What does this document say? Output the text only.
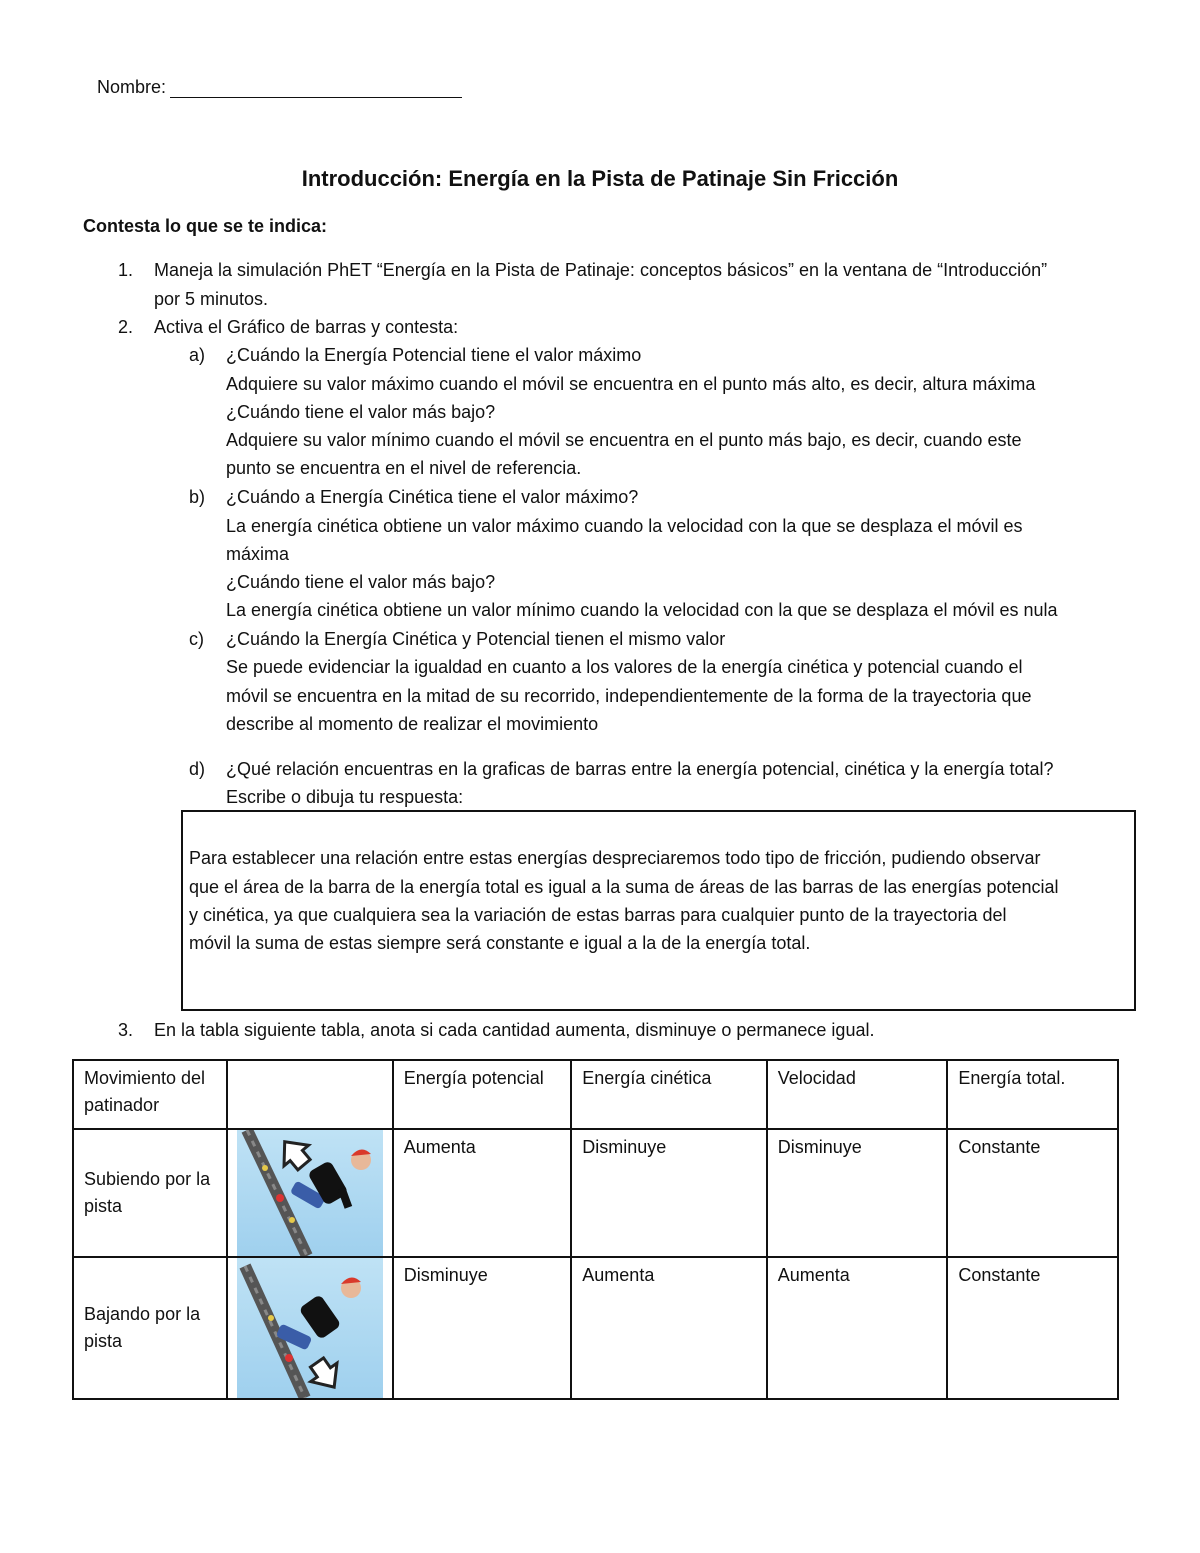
Nombre:
Introducción: Energía en la Pista de Patinaje Sin Fricción
Contesta lo que se te indica:
1. Maneja la simulación PhET “Energía en la Pista de Patinaje: conceptos básicos” en la ventana de “Introducción”
por 5 minutos.
2. Activa el Gráfico de barras y contesta:
a) ¿Cuándo la Energía Potencial tiene el valor máximo
Adquiere su valor máximo cuando el móvil se encuentra en el punto más alto, es decir, altura máxima
¿Cuándo tiene el valor más bajo?
Adquiere su valor mínimo cuando el móvil se encuentra en el punto más bajo, es decir, cuando este
punto se encuentra en el nivel de referencia.
b) ¿Cuándo a Energía Cinética tiene el valor máximo?
La energía cinética obtiene un valor máximo cuando la velocidad con la que se desplaza el móvil es
máxima
¿Cuándo tiene el valor más bajo?
La energía cinética obtiene un valor mínimo cuando la velocidad con la que se desplaza el móvil es nula
c) ¿Cuándo la Energía Cinética y Potencial tienen el mismo valor
Se puede evidenciar la igualdad en cuanto a los valores de la energía cinética y potencial cuando el
móvil se encuentra en la mitad de su recorrido, independientemente de la forma de la trayectoria que
describe al momento de realizar el movimiento
d) ¿Qué relación encuentras en la graficas de barras entre la energía potencial, cinética y la energía total?
Escribe o dibuja tu respuesta:
Para establecer una relación entre estas energías despreciaremos todo tipo de fricción, pudiendo observar
que el área de la barra de la energía total es igual a la suma de áreas de las barras de las energías potencial
y cinética, ya que cualquiera sea la variación de estas barras para cualquier punto de la trayectoria del
móvil la suma de estas siempre será constante e igual a la de la energía total.
3. En la tabla siguiente tabla, anota si cada cantidad aumenta, disminuye o permanece igual.
Movimiento del patinador		Energía potencial	Energía cinética	Velocidad	Energía total.
Subiendo por la pista		Aumenta	Disminuye	Disminuye	Constante
Bajando por la pista		Disminuye	Aumenta	Aumenta	Constante
